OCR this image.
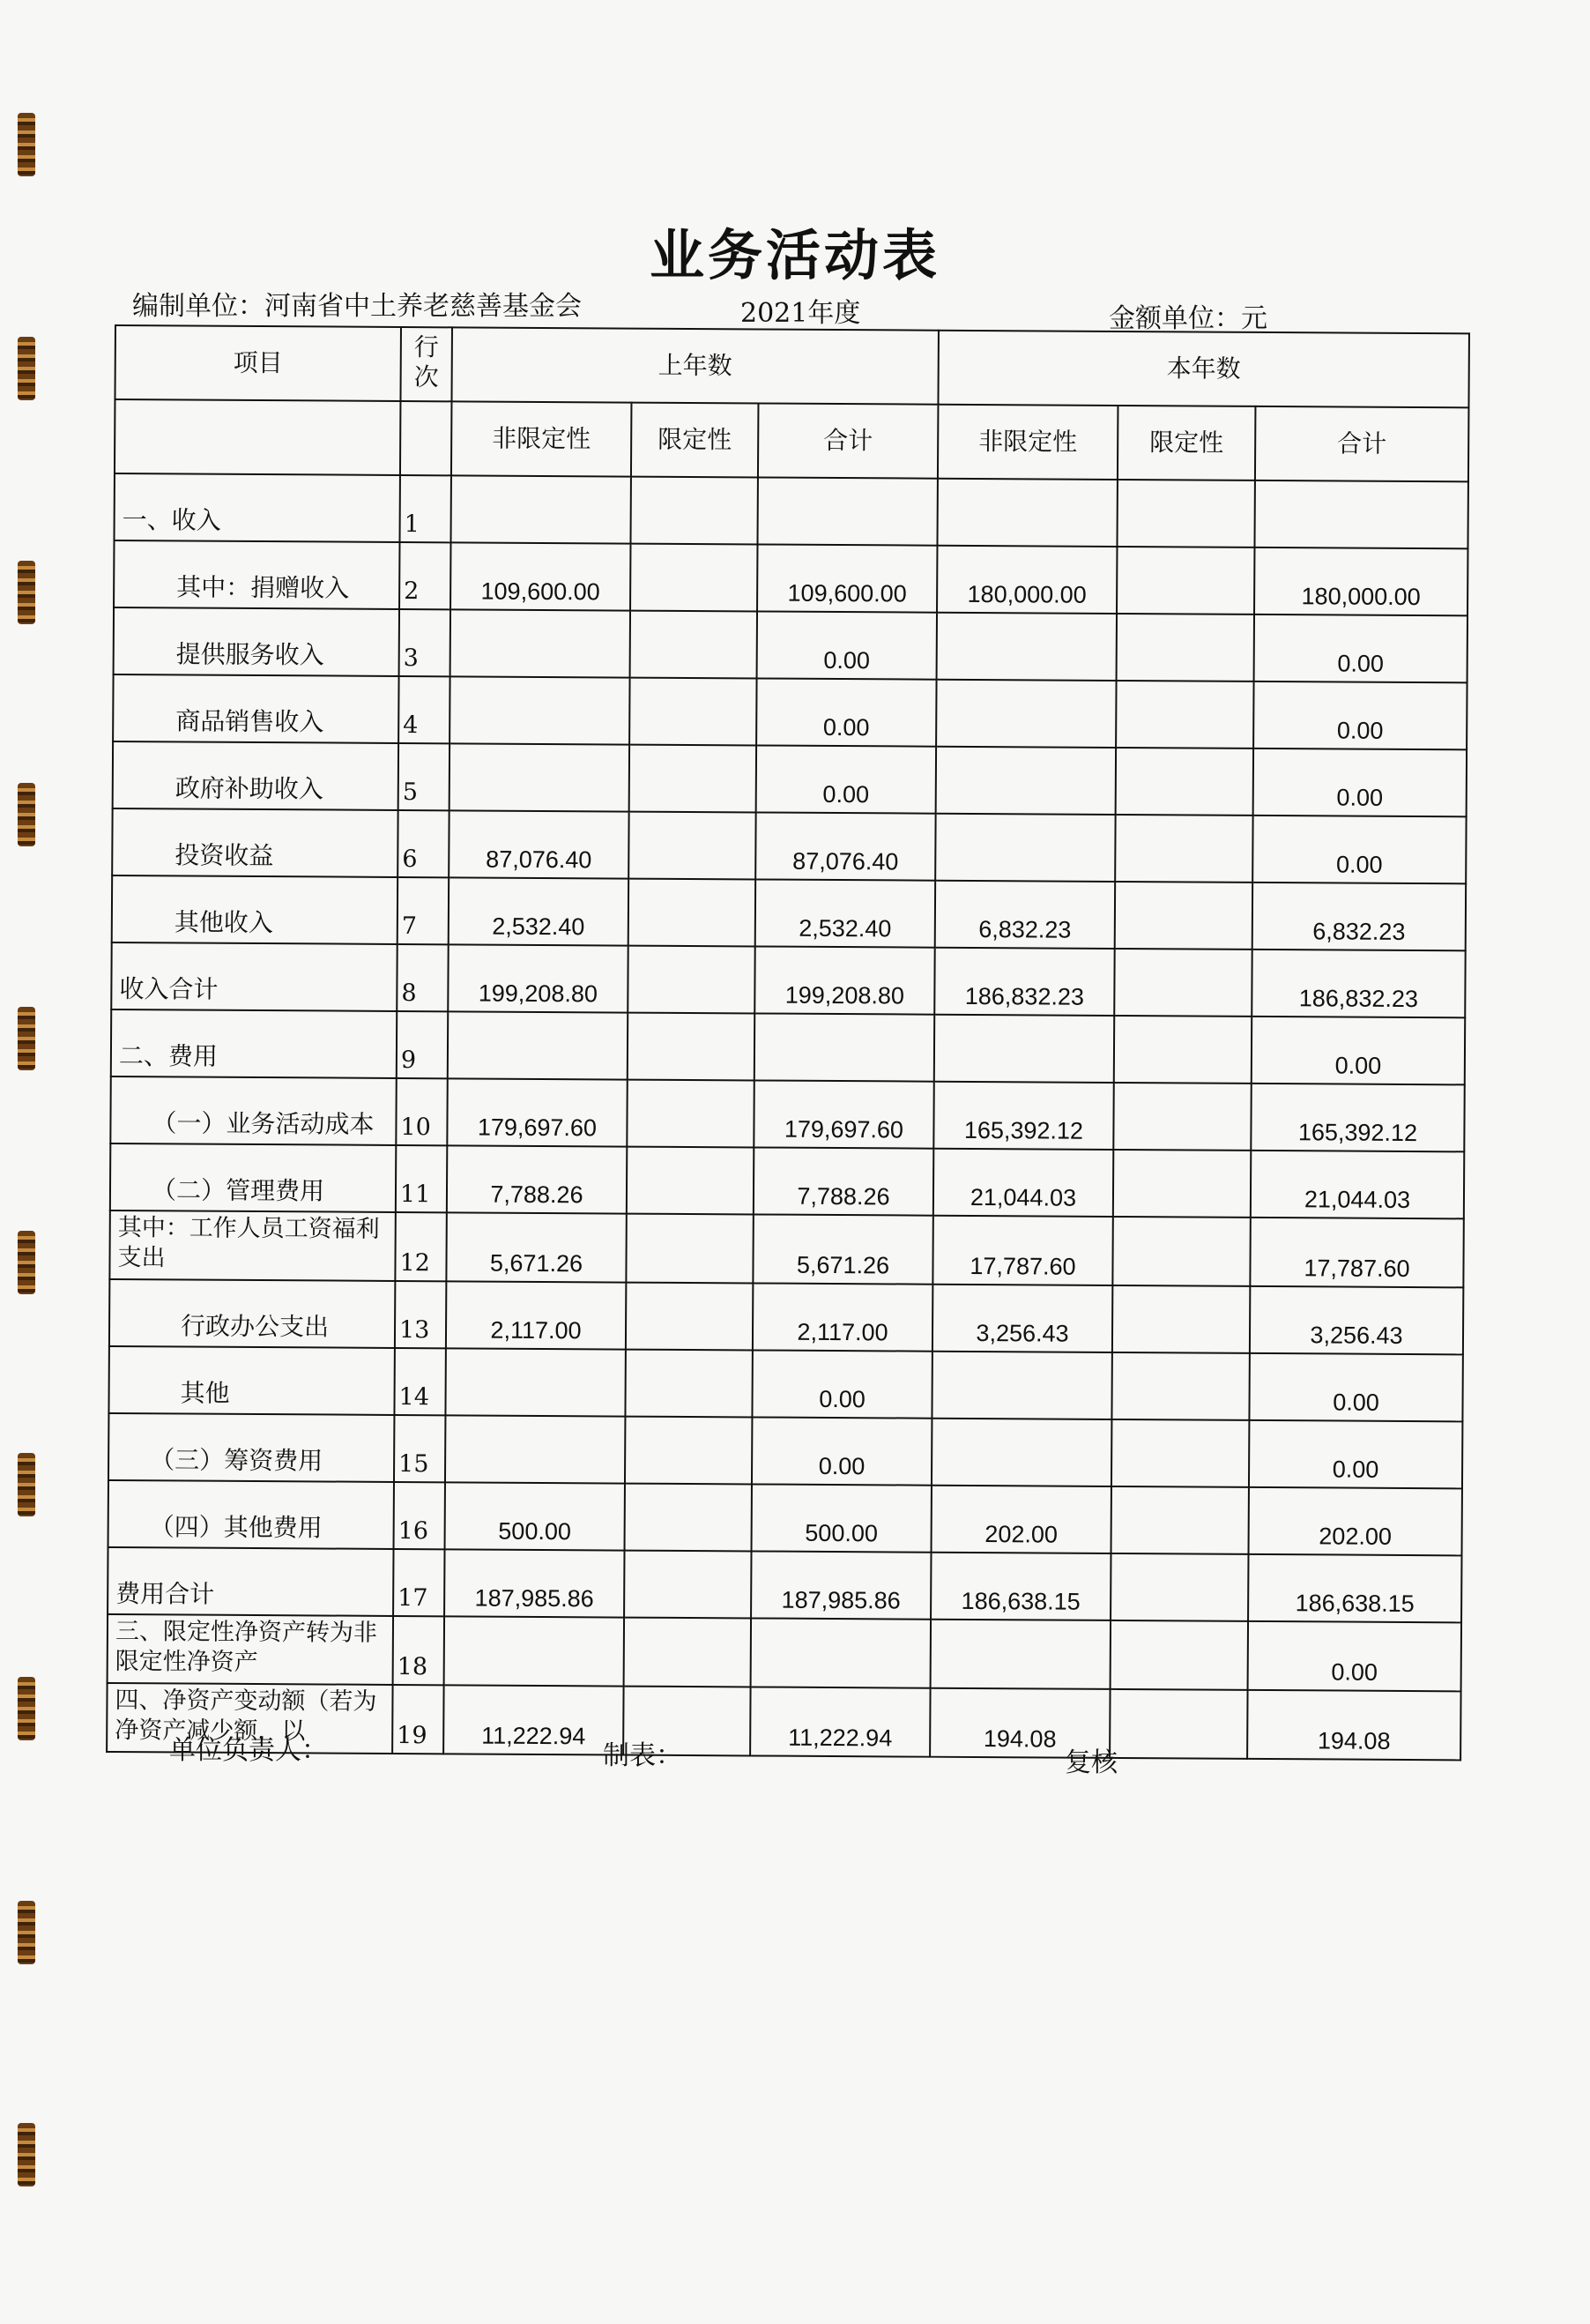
业务活动表
编制单位：河南省中土养老慈善基金会	2021年度	金额单位：元
项目	行次	上年数			本年数		
		非限定性	限定性	合计	非限定性	限定性	合计
一、收入	1						
其中：捐赠收入	2	109,600.00		109,600.00	180,000.00		180,000.00
提供服务收入	3			0.00			0.00
商品销售收入	4			0.00			0.00
政府补助收入	5			0.00			0.00
投资收益	6	87,076.40		87,076.40			0.00
其他收入	7	2,532.40		2,532.40	6,832.23		6,832.23
收入合计	8	199,208.80		199,208.80	186,832.23		186,832.23
二、费用	9						0.00
（一）业务活动成本	10	179,697.60		179,697.60	165,392.12		165,392.12
（二）管理费用	11	7,788.26		7,788.26	21,044.03		21,044.03
其中：工作人员工资福利支出	12	5,671.26		5,671.26	17,787.60		17,787.60
行政办公支出	13	2,117.00		2,117.00	3,256.43		3,256.43
其他	14			0.00			0.00
（三）筹资费用	15			0.00			0.00
（四）其他费用	16	500.00		500.00	202.00		202.00
费用合计	17	187,985.86		187,985.86	186,638.15		186,638.15
三、限定性净资产转为非限定性净资产	18						0.00
四、净资产变动额（若为净资产减少额，以	19	11,222.94		11,222.94	194.08		194.08
单位负责人：	制表：	复核
